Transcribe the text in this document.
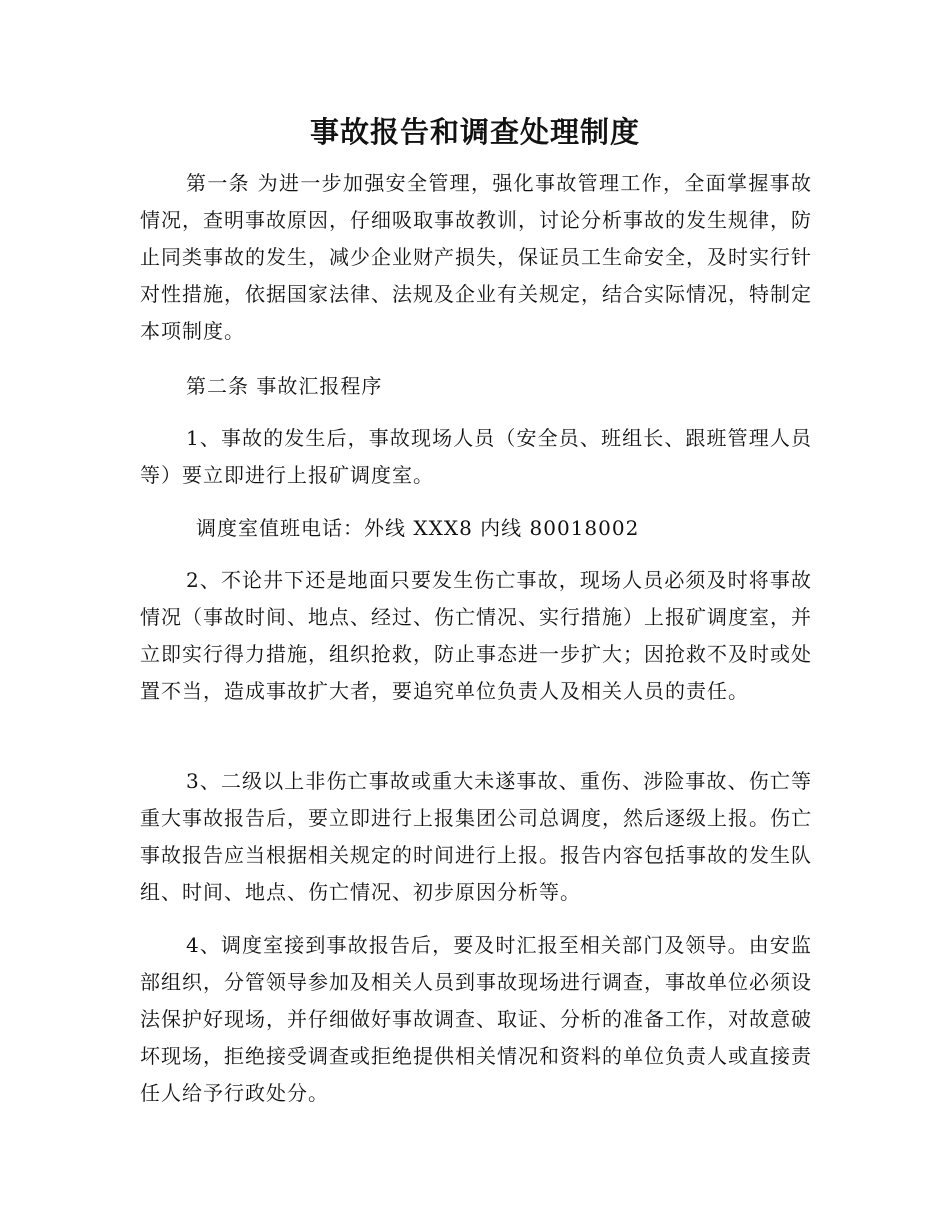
事故报告和调查处理制度

第一条 为进一步加强安全管理，强化事故管理工作，全面掌握事故情况，查明事故原因，仔细吸取事故教训，讨论分析事故的发生规律，防止同类事故的发生，减少企业财产损失，保证员工生命安全，及时实行针对性措施，依据国家法律、法规及企业有关规定，结合实际情况，特制定本项制度。

第二条 事故汇报程序

1、事故的发生后，事故现场人员（安全员、班组长、跟班管理人员等）要立即进行上报矿调度室。

调度室值班电话：外线 XXX8 内线 80018002

2、不论井下还是地面只要发生伤亡事故，现场人员必须及时将事故情况（事故时间、地点、经过、伤亡情况、实行措施）上报矿调度室，并立即实行得力措施，组织抢救，防止事态进一步扩大；因抢救不及时或处置不当，造成事故扩大者，要追究单位负责人及相关人员的责任。

3、二级以上非伤亡事故或重大未遂事故、重伤、涉险事故、伤亡等重大事故报告后，要立即进行上报集团公司总调度，然后逐级上报。伤亡事故报告应当根据相关规定的时间进行上报。报告内容包括事故的发生队组、时间、地点、伤亡情况、初步原因分析等。

4、调度室接到事故报告后，要及时汇报至相关部门及领导。由安监部组织，分管领导参加及相关人员到事故现场进行调查，事故单位必须设法保护好现场，并仔细做好事故调查、取证、分析的准备工作，对故意破坏现场，拒绝接受调查或拒绝提供相关情况和资料的单位负责人或直接责任人给予行政处分。
